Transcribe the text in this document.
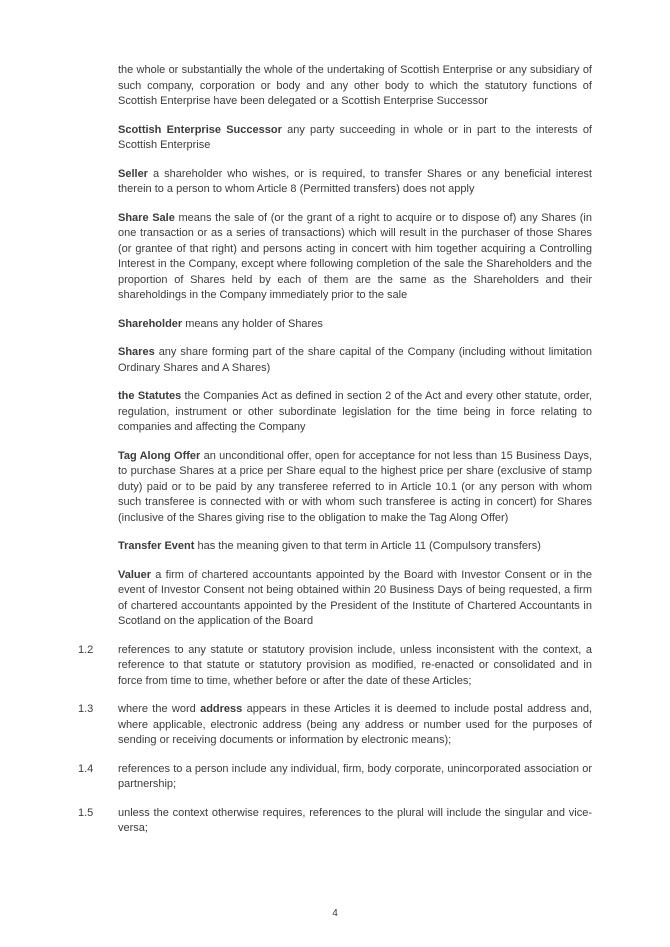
the whole or substantially the whole of the undertaking of Scottish Enterprise or any subsidiary of such company, corporation or body and any other body to which the statutory functions of Scottish Enterprise have been delegated or a Scottish Enterprise Successor

Scottish Enterprise Successor any party succeeding in whole or in part to the interests of Scottish Enterprise

Seller a shareholder who wishes, or is required, to transfer Shares or any beneficial interest therein to a person to whom Article 8 (Permitted transfers) does not apply

Share Sale means the sale of (or the grant of a right to acquire or to dispose of) any Shares (in one transaction or as a series of transactions) which will result in the purchaser of those Shares (or grantee of that right) and persons acting in concert with him together acquiring a Controlling Interest in the Company, except where following completion of the sale the Shareholders and the proportion of Shares held by each of them are the same as the Shareholders and their shareholdings in the Company immediately prior to the sale

Shareholder means any holder of Shares

Shares any share forming part of the share capital of the Company (including without limitation Ordinary Shares and A Shares)

the Statutes the Companies Act as defined in section 2 of the Act and every other statute, order, regulation, instrument or other subordinate legislation for the time being in force relating to companies and affecting the Company

Tag Along Offer an unconditional offer, open for acceptance for not less than 15 Business Days, to purchase Shares at a price per Share equal to the highest price per share (exclusive of stamp duty) paid or to be paid by any transferee referred to in Article 10.1 (or any person with whom such transferee is connected with or with whom such transferee is acting in concert) for Shares (inclusive of the Shares giving rise to the obligation to make the Tag Along Offer)

Transfer Event has the meaning given to that term in Article 11 (Compulsory transfers)

Valuer a firm of chartered accountants appointed by the Board with Investor Consent or in the event of Investor Consent not being obtained within 20 Business Days of being requested, a firm of chartered accountants appointed by the President of the Institute of Chartered Accountants in Scotland on the application of the Board

1.2	references to any statute or statutory provision include, unless inconsistent with the context, a reference to that statute or statutory provision as modified, re-enacted or consolidated and in force from time to time, whether before or after the date of these Articles;

1.3	where the word address appears in these Articles it is deemed to include postal address and, where applicable, electronic address (being any address or number used for the purposes of sending or receiving documents or information by electronic means);

1.4	references to a person include any individual, firm, body corporate, unincorporated association or partnership;

1.5	unless the context otherwise requires, references to the plural will include the singular and vice-versa;

4
